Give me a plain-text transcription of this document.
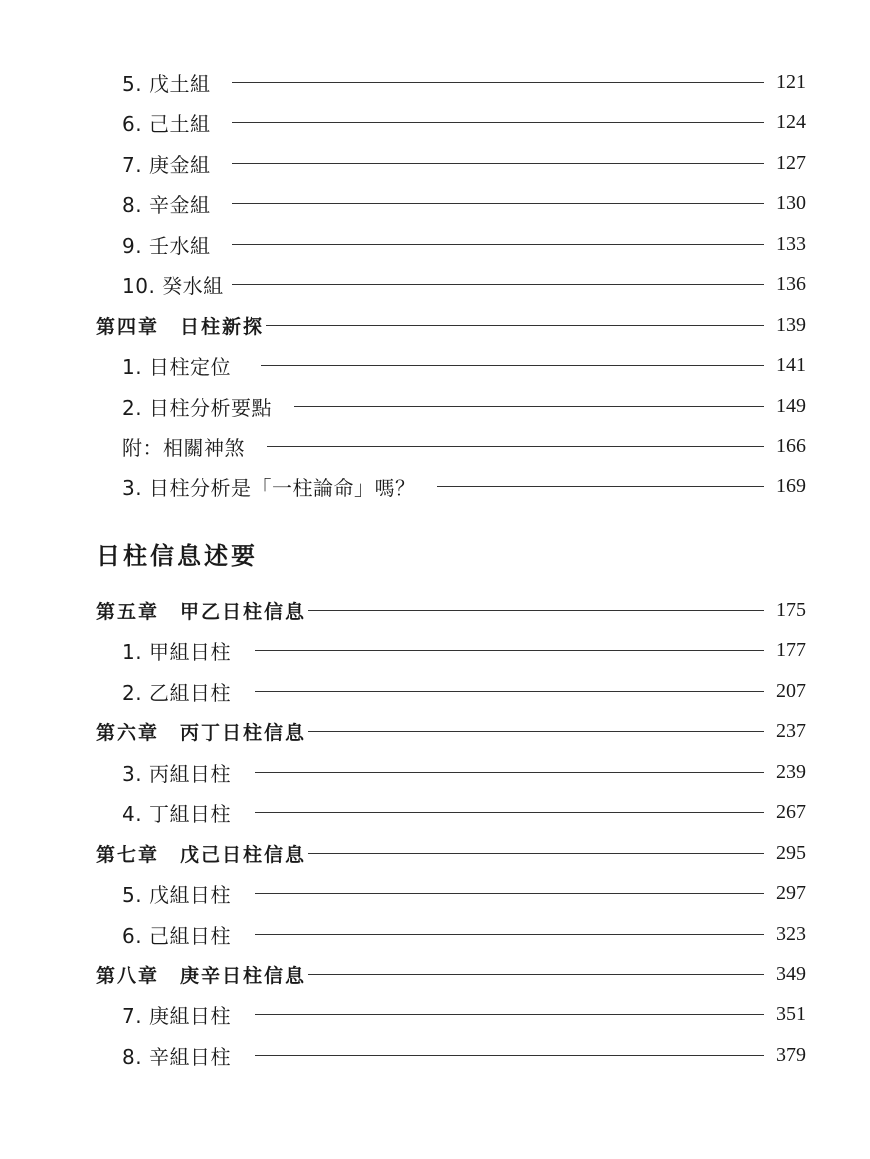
5. 戊土組	121
6. 己土組	124
7. 庚金組	127
8. 辛金組	130
9. 壬水組	133
10. 癸水組	136
第四章　日柱新探	139
1. 日柱定位	141
2. 日柱分析要點	149
附：相關神煞	166
3. 日柱分析是「一柱論命」嗎？	169
日柱信息述要
第五章　甲乙日柱信息	175
1. 甲組日柱	177
2. 乙組日柱	207
第六章　丙丁日柱信息	237
3. 丙組日柱	239
4. 丁組日柱	267
第七章　戊己日柱信息	295
5. 戊組日柱	297
6. 己組日柱	323
第八章　庚辛日柱信息	349
7. 庚組日柱	351
8. 辛組日柱	379
